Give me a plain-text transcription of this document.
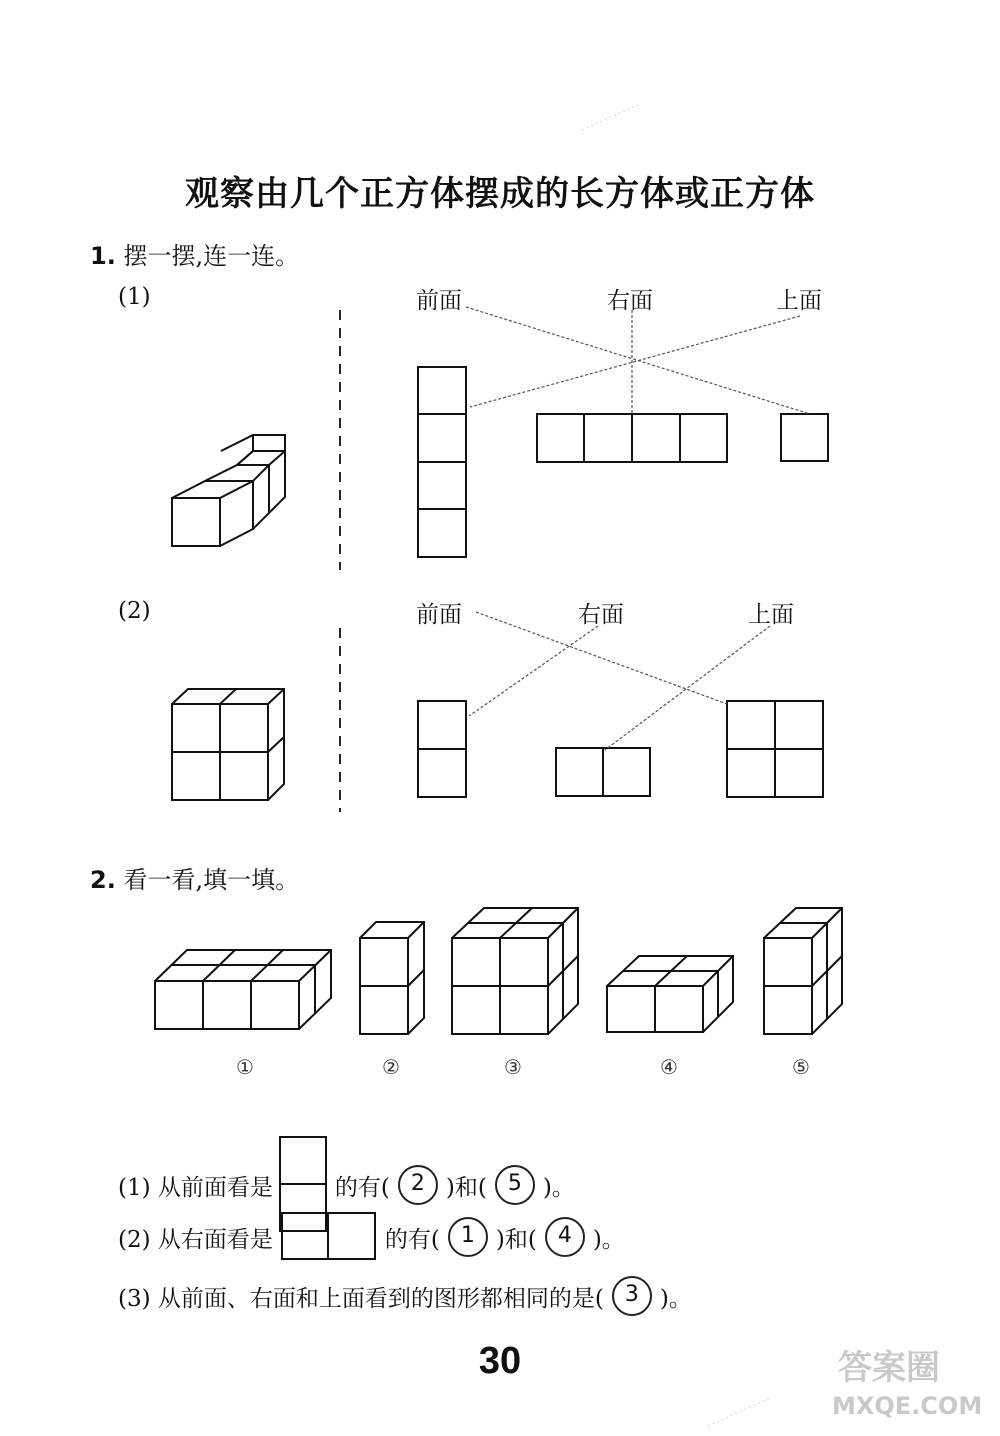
观察由几个正方体摆成的长方体或正方体
1. 摆一摆,连一连。
(1)
(2)
前面	右面	上面
前面	右面	上面
①	②	③	④	⑤
2. 看一看,填一填。
(1) 从前面看是	的有( 2 )和( 5 )。
(2) 从右面看是	的有( 1 )和( 4 )。
(3) 从前面、右面和上面看到的图形都相同的是( 3 )。
30	答案圈
MXQE.COM
